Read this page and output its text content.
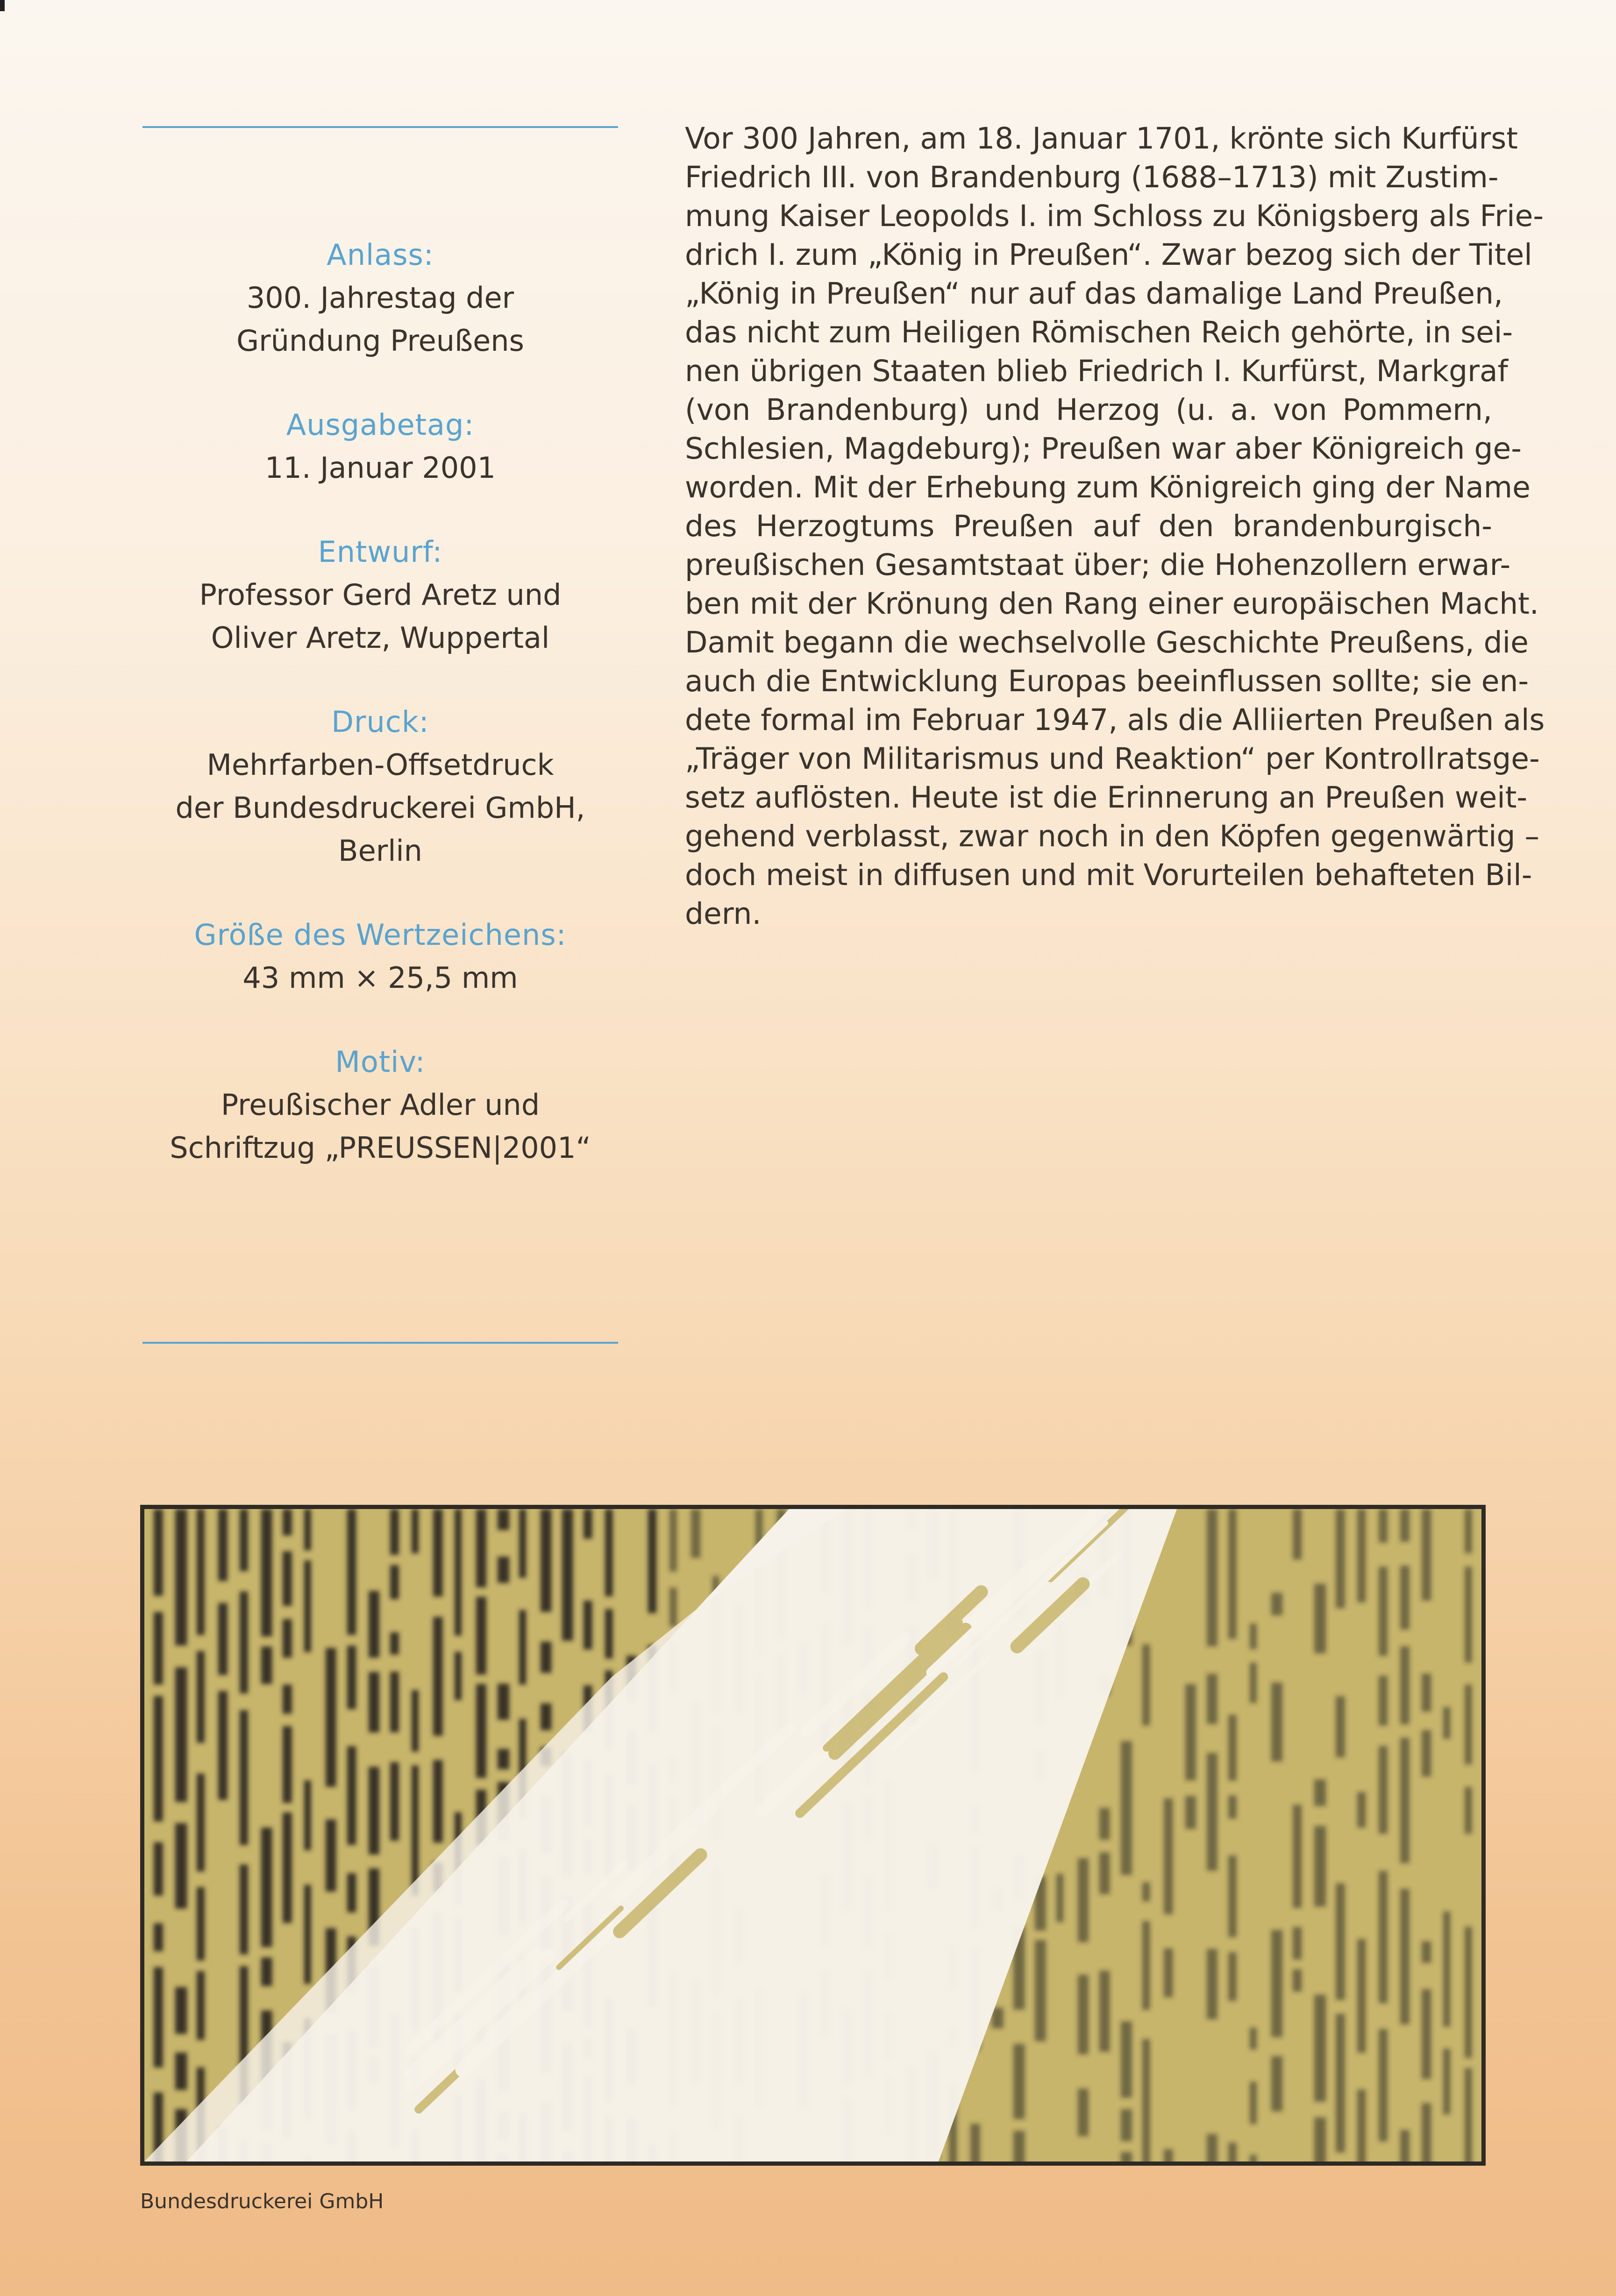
Anlass:
300. Jahrestag der
Gründung Preußens
Ausgabetag:
11. Januar 2001
Entwurf:
Professor Gerd Aretz und
Oliver Aretz, Wuppertal
Druck:
Mehrfarben-Offsetdruck
der Bundesdruckerei GmbH,
Berlin
Größe des Wertzeichens:
43 mm × 25,5 mm
Motiv:
Preußischer Adler und
Schriftzug „PREUSSEN|2001“
Vor 300 Jahren, am 18. Januar 1701, krönte sich Kurfürst
Friedrich III. von Brandenburg (1688–1713) mit Zustim-
mung Kaiser Leopolds I. im Schloss zu Königsberg als Frie-
drich I. zum „König in Preußen“. Zwar bezog sich der Titel
„König in Preußen“ nur auf das damalige Land Preußen,
das nicht zum Heiligen Römischen Reich gehörte, in sei-
nen übrigen Staaten blieb Friedrich I. Kurfürst, Markgraf
(von Brandenburg) und Herzog (u. a. von Pommern,
Schlesien, Magdeburg); Preußen war aber Königreich ge-
worden. Mit der Erhebung zum Königreich ging der Name
des Herzogtums Preußen auf den brandenburgisch-
preußischen Gesamtstaat über; die Hohenzollern erwar-
ben mit der Krönung den Rang einer europäischen Macht.
Damit begann die wechselvolle Geschichte Preußens, die
auch die Entwicklung Europas beeinflussen sollte; sie en-
dete formal im Februar 1947, als die Alliierten Preußen als
„Träger von Militarismus und Reaktion“ per Kontrollratsge-
setz auflösten. Heute ist die Erinnerung an Preußen weit-
gehend verblasst, zwar noch in den Köpfen gegenwärtig –
doch meist in diffusen und mit Vorurteilen behafteten Bil-
dern.
Bundesdruckerei GmbH
